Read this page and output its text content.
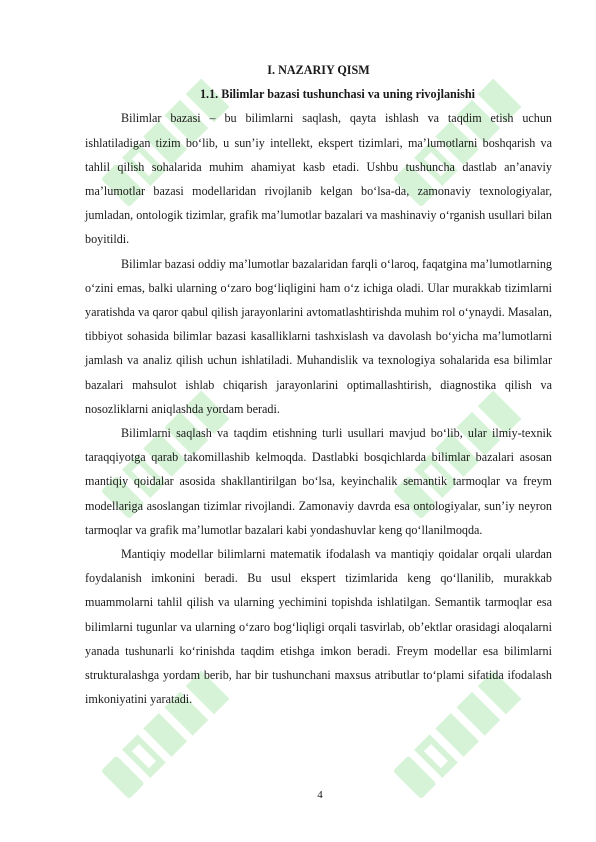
I. NAZARIY QISM

1.1. Bilimlar bazasi tushunchasi va uning rivojlanishi

Bilimlar bazasi – bu bilimlarni saqlash, qayta ishlash va taqdim etish uchun ishlatiladigan tizim bo‘lib, u sun’iy intellekt, ekspert tizimlari, ma’lumotlarni boshqarish va tahlil qilish sohalarida muhim ahamiyat kasb etadi. Ushbu tushuncha dastlab an’anaviy ma’lumotlar bazasi modellaridan rivojlanib kelgan bo‘lsa-da, zamonaviy texnologiyalar, jumladan, ontologik tizimlar, grafik ma’lumotlar bazalari va mashinaviy o‘rganish usullari bilan boyitildi.

Bilimlar bazasi oddiy ma’lumotlar bazalaridan farqli o‘laroq, faqatgina ma’lumotlarning o‘zini emas, balki ularning o‘zaro bog‘liqligini ham o‘z ichiga oladi. Ular murakkab tizimlarni yaratishda va qaror qabul qilish jarayonlarini avtomatlashtirishda muhim rol o‘ynaydi. Masalan, tibbiyot sohasida bilimlar bazasi kasalliklarni tashxislash va davolash bo‘yicha ma’lumotlarni jamlash va analiz qilish uchun ishlatiladi. Muhandislik va texnologiya sohalarida esa bilimlar bazalari mahsulot ishlab chiqarish jarayonlarini optimallashtirish, diagnostika qilish va nosozliklarni aniqlashda yordam beradi.

Bilimlarni saqlash va taqdim etishning turli usullari mavjud bo‘lib, ular ilmiy-texnik taraqqiyotga qarab takomillashib kelmoqda. Dastlabki bosqichlarda bilimlar bazalari asosan mantiqiy qoidalar asosida shakllantirilgan bo‘lsa, keyinchalik semantik tarmoqlar va freym modellariga asoslangan tizimlar rivojlandi. Zamonaviy davrda esa ontologiyalar, sun’iy neyron tarmoqlar va grafik ma’lumotlar bazalari kabi yondashuvlar keng qo‘llanilmoqda.

Mantiqiy modellar bilimlarni matematik ifodalash va mantiqiy qoidalar orqali ulardan foydalanish imkonini beradi. Bu usul ekspert tizimlarida keng qo‘llanilib, murakkab muammolarni tahlil qilish va ularning yechimini topishda ishlatilgan. Semantik tarmoqlar esa bilimlarni tugunlar va ularning o‘zaro bog‘liqligi orqali tasvirlab, ob’ektlar orasidagi aloqalarni yanada tushunarli ko‘rinishda taqdim etishga imkon beradi. Freym modellar esa bilimlarni strukturalashga yordam berib, har bir tushunchani maxsus atributlar to‘plami sifatida ifodalash imkoniyatini yaratadi.

4
